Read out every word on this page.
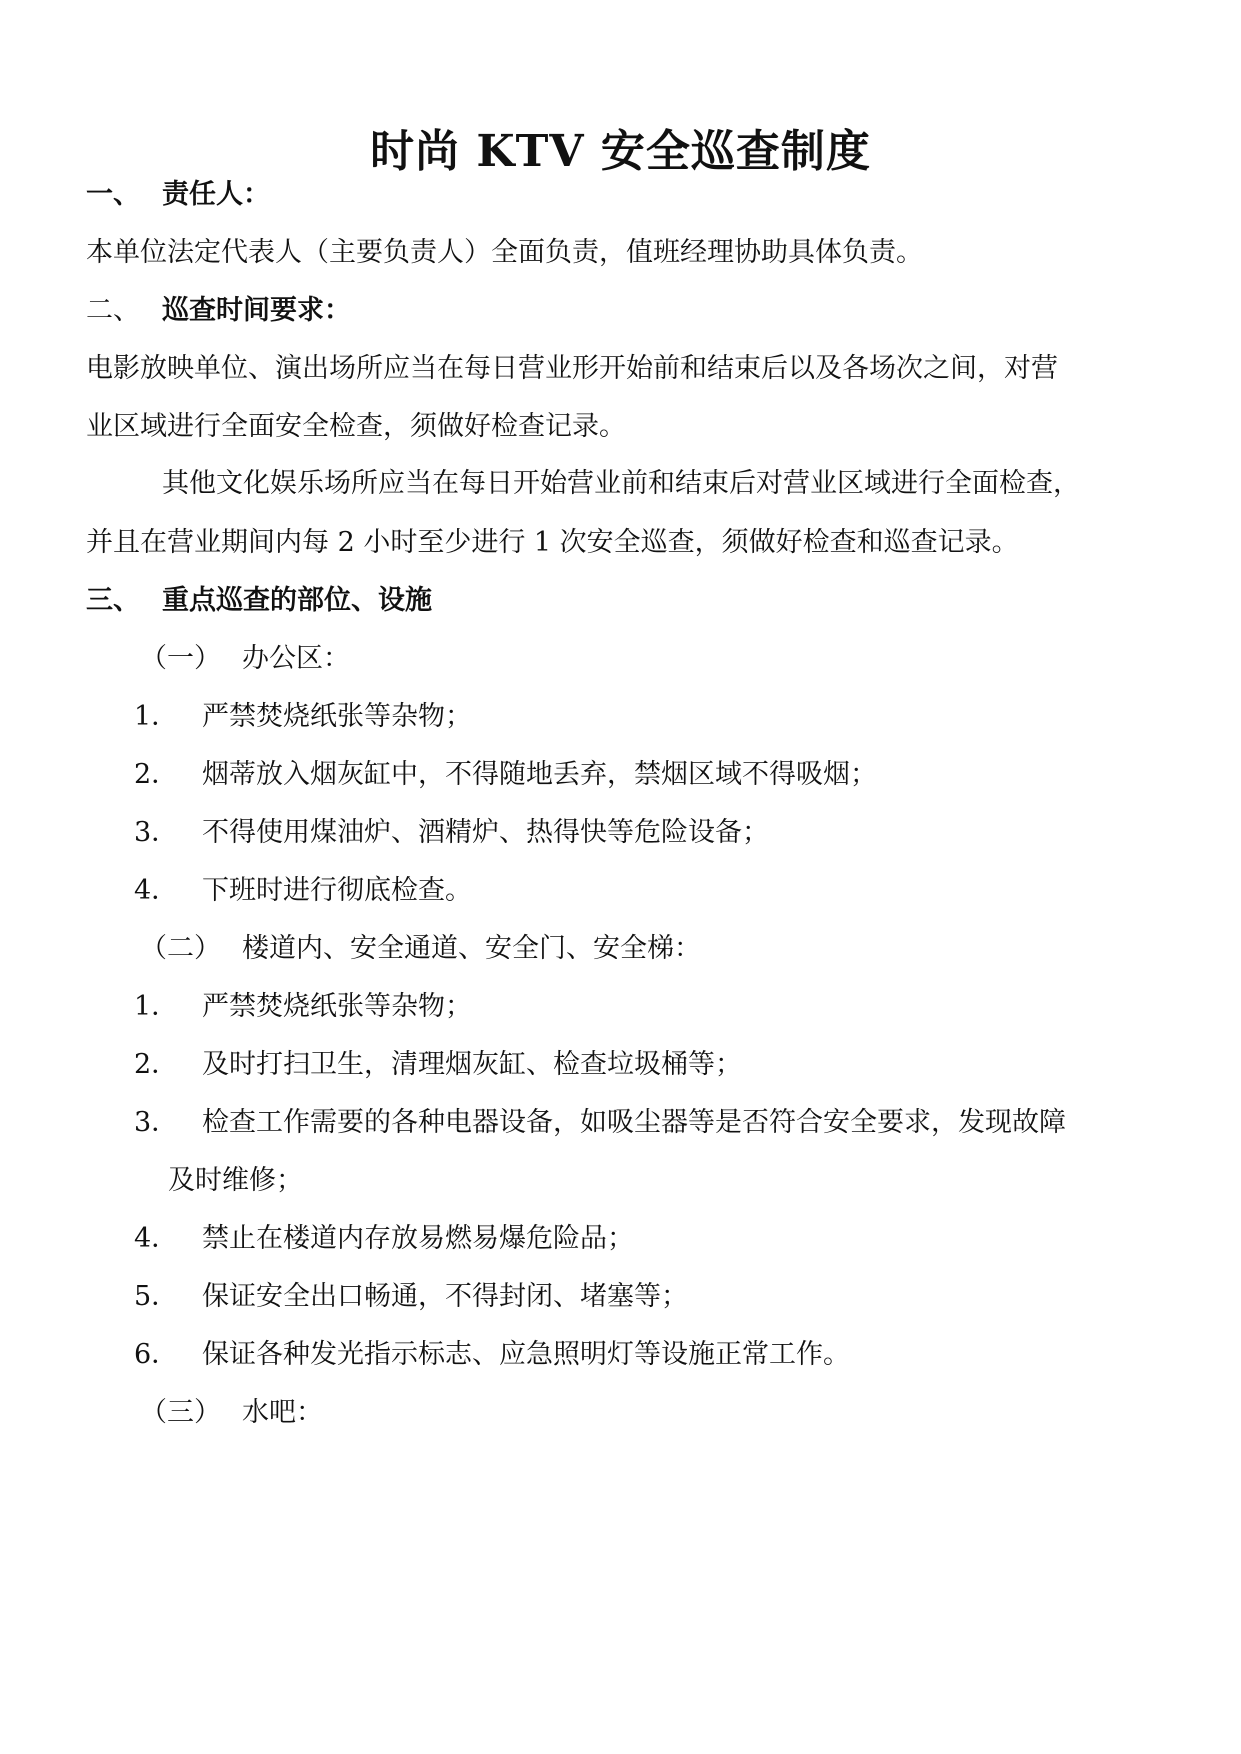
时尚 KTV 安全巡查制度
一、 责任人：
本单位法定代表人（主要负责人）全面负责，值班经理协助具体负责。
二、 巡查时间要求：
电影放映单位、演出场所应当在每日营业形开始前和结束后以及各场次之间，对营
业区域进行全面安全检查，须做好检查记录。
其他文化娱乐场所应当在每日开始营业前和结束后对营业区域进行全面检查，
并且在营业期间内每 2 小时至少进行 1 次安全巡查，须做好检查和巡查记录。
三、 重点巡查的部位、设施
（一） 办公区：
1． 严禁焚烧纸张等杂物；
2． 烟蒂放入烟灰缸中，不得随地丢弃，禁烟区域不得吸烟；
3． 不得使用煤油炉、酒精炉、热得快等危险设备；
4． 下班时进行彻底检查。
（二） 楼道内、安全通道、安全门、安全梯：
1． 严禁焚烧纸张等杂物；
2． 及时打扫卫生，清理烟灰缸、检查垃圾桶等；
3． 检查工作需要的各种电器设备，如吸尘器等是否符合安全要求，发现故障
及时维修；
4． 禁止在楼道内存放易燃易爆危险品；
5． 保证安全出口畅通，不得封闭、堵塞等；
6． 保证各种发光指示标志、应急照明灯等设施正常工作。
（三） 水吧：
